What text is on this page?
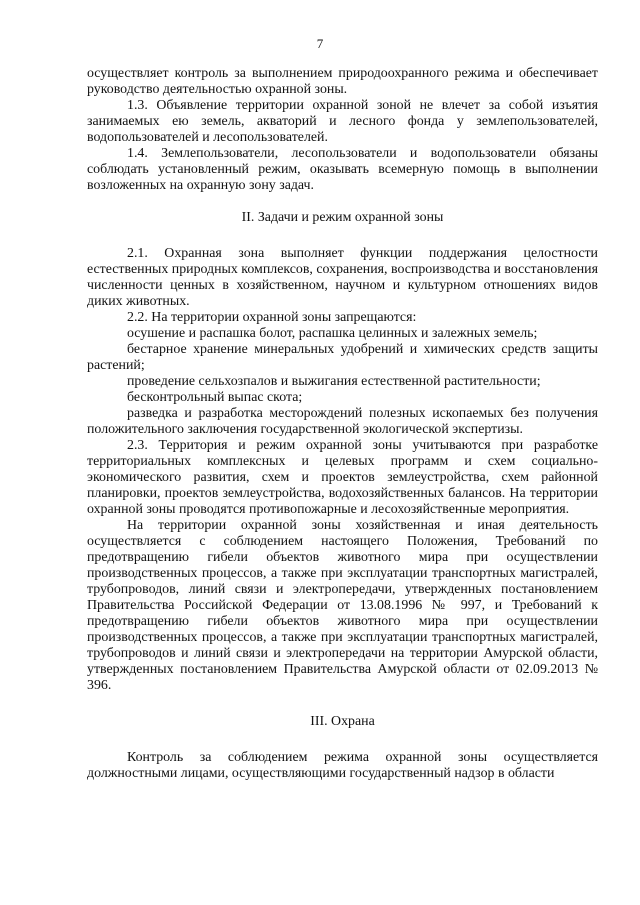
7

осуществляет контроль за выполнением природоохранного режима и обеспечивает руководство деятельностью охранной зоны.

1.3. Объявление территории охранной зоной не влечет за собой изъятия занимаемых ею земель, акваторий и лесного фонда у землепользователей, водопользователей и лесопользователей.

1.4. Землепользователи, лесопользователи и водопользователи обязаны соблюдать установленный режим, оказывать всемерную помощь в выполнении возложенных на охранную зону задач.

II. Задачи и режим охранной зоны

2.1. Охранная зона выполняет функции поддержания целостности естественных природных комплексов, сохранения, воспроизводства и восстановления численности ценных в хозяйственном, научном и культурном отношениях видов диких животных.

2.2. На территории охранной зоны запрещаются:

осушение и распашка болот, распашка целинных и залежных земель;

бестарное хранение минеральных удобрений и химических средств защиты растений;

проведение сельхозпалов и выжигания естественной растительности;

бесконтрольный выпас скота;

разведка и разработка месторождений полезных ископаемых без получения положительного заключения государственной экологической экспертизы.

2.3. Территория и режим охранной зоны учитываются при разработке территориальных комплексных и целевых программ и схем социально-экономического развития, схем и проектов землеустройства, схем районной планировки, проектов землеустройства, водохозяйственных балансов. На территории охранной зоны проводятся противопожарные и лесохозяйственные мероприятия.

На территории охранной зоны хозяйственная и иная деятельность осуществляется с соблюдением настоящего Положения, Требований по предотвращению гибели объектов животного мира при осуществлении производственных процессов, а также при эксплуатации транспортных магистралей, трубопроводов, линий связи и электропередачи, утвержденных постановлением Правительства Российской Федерации от 13.08.1996 № 997, и Требований к предотвращению гибели объектов животного мира при осуществлении производственных процессов, а также при эксплуатации транспортных магистралей, трубопроводов и линий связи и электропередачи на территории Амурской области, утвержденных постановлением Правительства Амурской области от 02.09.2013 № 396.

III. Охрана

Контроль за соблюдением режима охранной зоны осуществляется должностными лицами, осуществляющими государственный надзор в области
